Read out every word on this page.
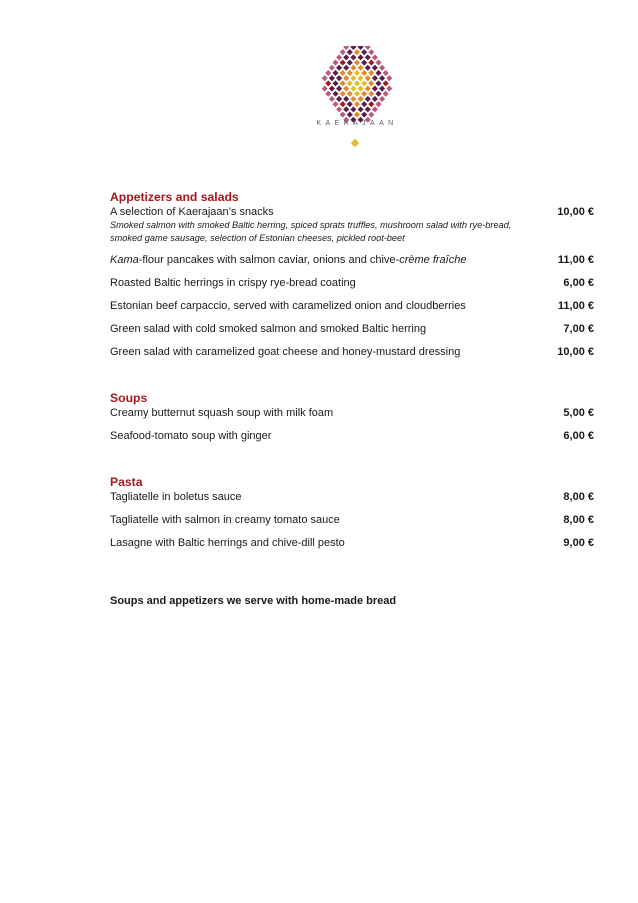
KAERAJAAN
Appetizers and salads
A selection of Kaerajaan’s snacks	10,00 €
Smoked salmon with smoked Baltic herring, spiced sprats truffles, mushroom salad with rye-bread, smoked game sausage, selection of Estonian cheeses, pickled root-beet
Kama-flour pancakes with salmon caviar, onions and chive-crème fraîche	11,00 €
Roasted Baltic herrings in crispy rye-bread coating	6,00 €
Estonian beef carpaccio, served with caramelized onion and cloudberries	11,00 €
Green salad with cold smoked salmon and smoked Baltic herring	7,00 €
Green salad with caramelized goat cheese and honey-mustard dressing	10,00 €
Soups
Creamy butternut squash soup with milk foam	5,00 €
Seafood-tomato soup with ginger	6,00 €
Pasta
Tagliatelle in boletus sauce	8,00 €
Tagliatelle with salmon in creamy tomato sauce	8,00 €
Lasagne with Baltic herrings and chive-dill pesto	9,00 €
Soups and appetizers we serve with home-made bread
